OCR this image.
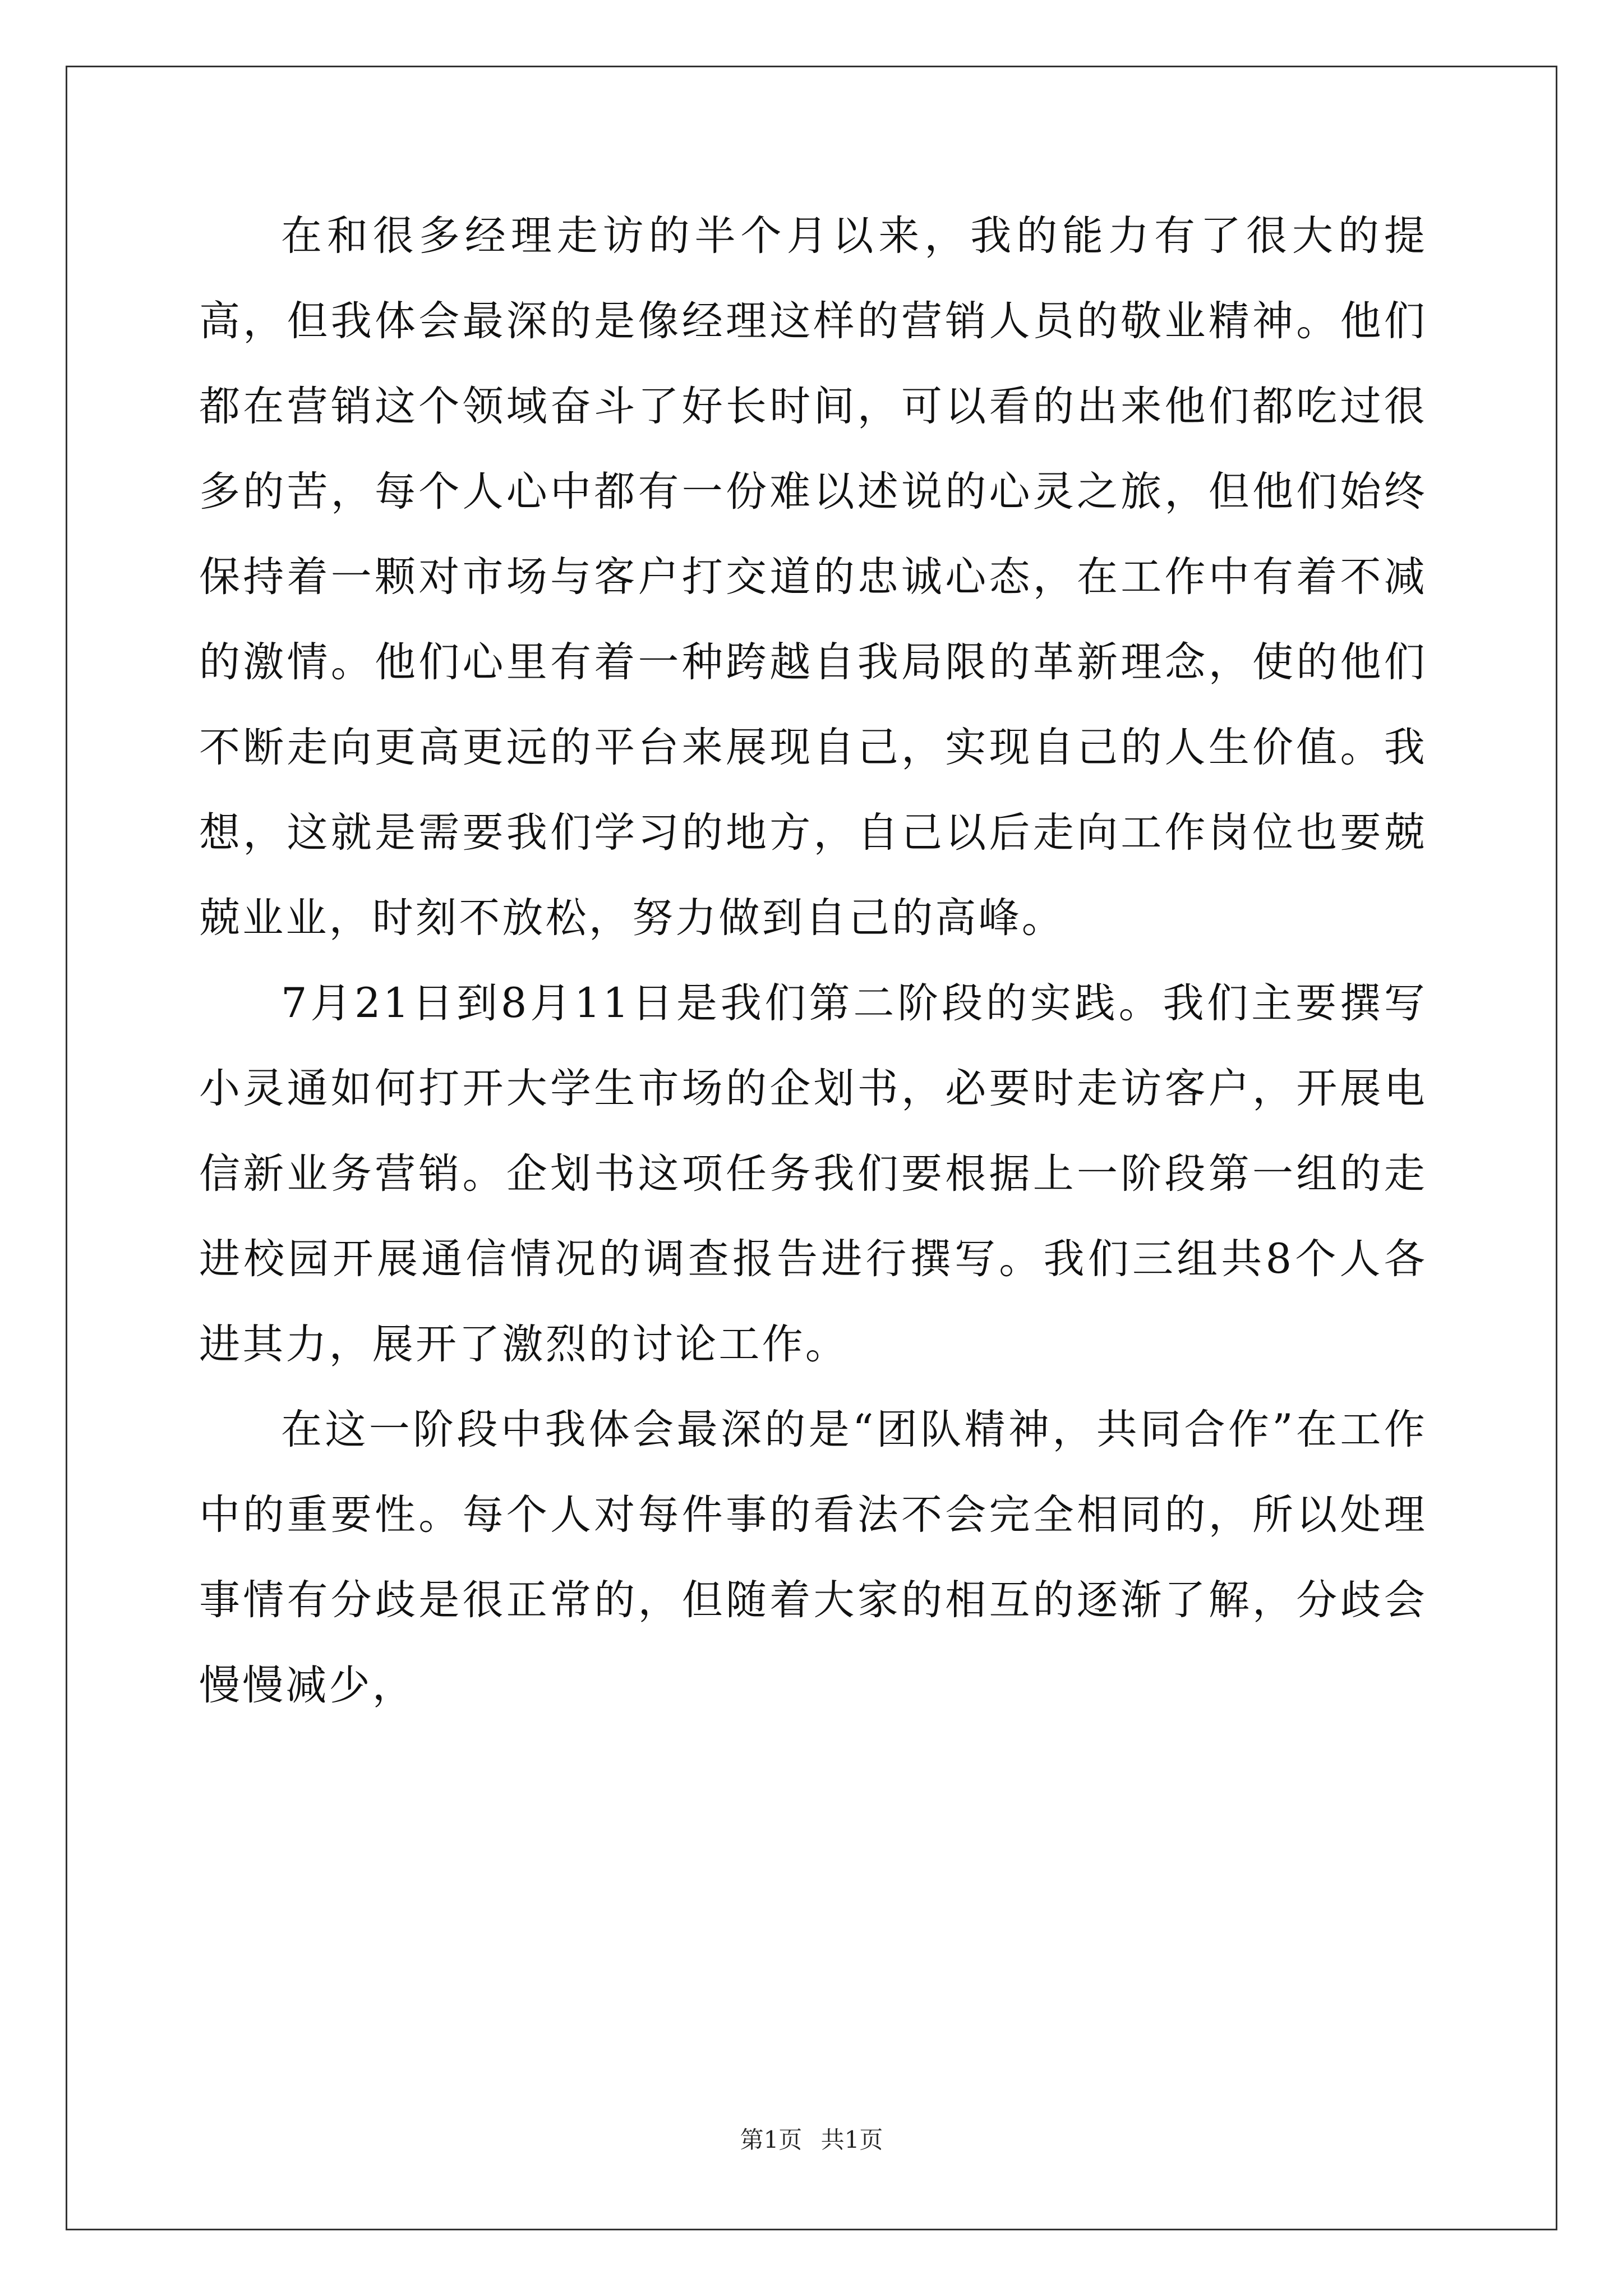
在和很多经理走访的半个月以来，我的能力有了很大的提高，但我体会最深的是像经理这样的营销人员的敬业精神。他们都在营销这个领域奋斗了好长时间，可以看的出来他们都吃过很多的苦，每个人心中都有一份难以述说的心灵之旅，但他们始终保持着一颗对市场与客户打交道的忠诚心态，在工作中有着不减的激情。他们心里有着一种跨越自我局限的革新理念，使的他们不断走向更高更远的平台来展现自己，实现自己的人生价值。我想，这就是需要我们学习的地方，自己以后走向工作岗位也要兢兢业业，时刻不放松，努力做到自己的高峰。

7月21日到8月11日是我们第二阶段的实践。我们主要撰写小灵通如何打开大学生市场的企划书，必要时走访客户，开展电信新业务营销。企划书这项任务我们要根据上一阶段第一组的走进校园开展通信情况的调查报告进行撰写。我们三组共8个人各进其力，展开了激烈的讨论工作。

在这一阶段中我体会最深的是“团队精神，共同合作”在工作中的重要性。每个人对每件事的看法不会完全相同的，所以处理事情有分歧是很正常的，但随着大家的相互的逐渐了解，分歧会慢慢减少，

第1页 共1页
